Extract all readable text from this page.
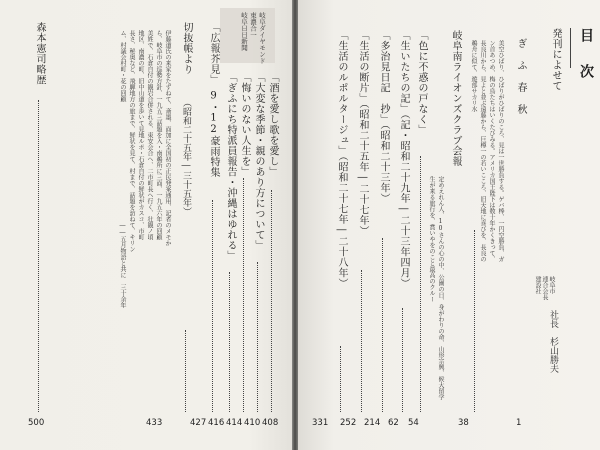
岐阜ダイヤモンド
東濃合一
岐阜日日新聞
「酒を愛し歌を愛し」
408
「大変な季節・親のあり方について」
410
「悔いのない人生を」
414
「ぎふにち特派員報告・沖縄はゆれる」
416
「広報芥見」　9・12豪雨特集
427
切抜帳より
（昭和二十五年―三十五年）
433
伊藤道氏の来家をたずねて、斎墨、面加に全国初の正民発案通用、記者のメモか
ら、岐阜市の巡勢方針、一九五三話題を入・南鵜所に三面、一九五六年の回顧
美姓で、石倉自付の観岩合併される、東安会合へ、二市町長へ行く、壮観ノ頃
地区、南濃の町、旧中山道を歩いて見地ルポ・石倉自付の鮮状がカスコ、市町
長さ、秘奥など、飛騨地方の旅まで、鮮状を見て、村まで、話題を訪ねて、キリン
ム、村議会村町・花の回顧
――五月物語と共に　三十余年
森本憲司略歴
500
目　次
発刊によせて
岐阜市
連合会長
建設社
社長　杉山勝夫
1
ぎ ふ 春 秋
美空ひばり、ひばりがひばりのころ、見は一世勝負する。ゲバ棒、一円空勝負、ガ
ン首あつめ、梅の鳥たちはいくたびみる。アメリカ国王陛下は数十年かくきって、
長良川から、見よと並ぶ遠藤から、巨樽一の若いこころ、旧天地に喜びを、長良の
鵜舟に似て、遊部サカリ水
38
岐阜南ライオンズクラブ会報
定めえれん人、10さんの心の中、公園の日、身がわりの命、山形宗興、候大留学
生が来る旅行を、賞いやをのこと最高のクルー
「色に不惑の戸なく」
54
「生いたちの記」（記・昭和二十九年―二十三年四月）
62
「多治見日記　抄」（昭和二十三年）
214
「生活の断片」（昭和二十五年―二十七年）
252
「生活のルポルタージュ」（昭和二十七年―二十八年）
331
